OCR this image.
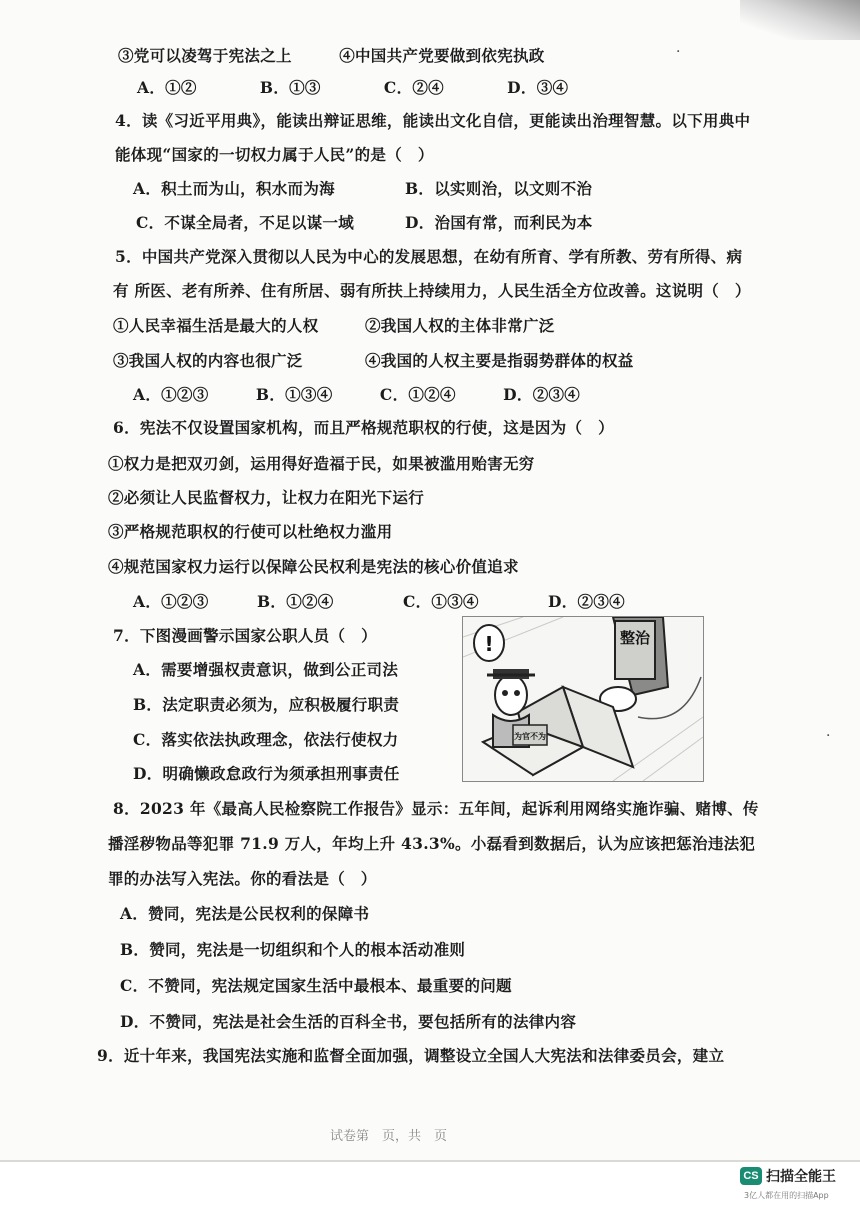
③党可以凌驾于宪法之上　　　④中国共产党要做到依宪执政
A．①②　　　　B．①③　　　　C．②④　　　　D．③④
·
4．读《习近平用典》，能读出辩证思维，能读出文化自信，更能读出治理智慧。以下用典中
能体现“国家的一切权力属于人民”的是（　）
A．积土而为山，积水而为海	B．以实则治，以文则不治
C．不谋全局者，不足以谋一域	D．治国有常，而利民为本
5．中国共产党深入贯彻以人民为中心的发展思想，在幼有所育、学有所教、劳有所得、病
有 所医、老有所养、住有所居、弱有所扶上持续用力，人民生活全方位改善。这说明（　）
①人民幸福生活是最大的人权	②我国人权的主体非常广泛
③我国人权的内容也很广泛	④我国的人权主要是指弱势群体的权益
A．①②③　　　B．①③④　　　C．①②④　　　D．②③④
6．宪法不仅设置国家机构，而且严格规范职权的行使，这是因为（　）
①权力是把双刃剑，运用得好造福于民，如果被滥用贻害无穷
②必须让人民监督权力，让权力在阳光下运行
③严格规范职权的行使可以杜绝权力滥用
④规范国家权力运行以保障公民权利是宪法的核心价值追求
A．①②③	B．①②④	C．①③④	D．②③④
7．下图漫画警示国家公职人员（　）
A．需要增强权责意识，做到公正司法
B．法定职责必须为，应积极履行职责
C．落实依法执政理念，依法行使权力
D．明确懒政怠政行为须承担刑事责任
整治
为官不为
!
8．2023 年《最高人民检察院工作报告》显示：五年间，起诉利用网络实施诈骗、赌博、传
播淫秽物品等犯罪 71.9 万人，年均上升 43.3%。小磊看到数据后，认为应该把惩治违法犯
罪的办法写入宪法。你的看法是（　）
A．赞同，宪法是公民权利的保障书
B．赞同，宪法是一切组织和个人的根本活动准则
C．不赞同，宪法规定国家生活中最根本、最重要的问题
D．不赞同，宪法是社会生活的百科全书，要包括所有的法律内容
9．近十年来，我国宪法实施和监督全面加强，调整设立全国人大宪法和法律委员会，建立
·
试卷第　页，共　页
CS 扫描全能王
3亿人都在用的扫描App
